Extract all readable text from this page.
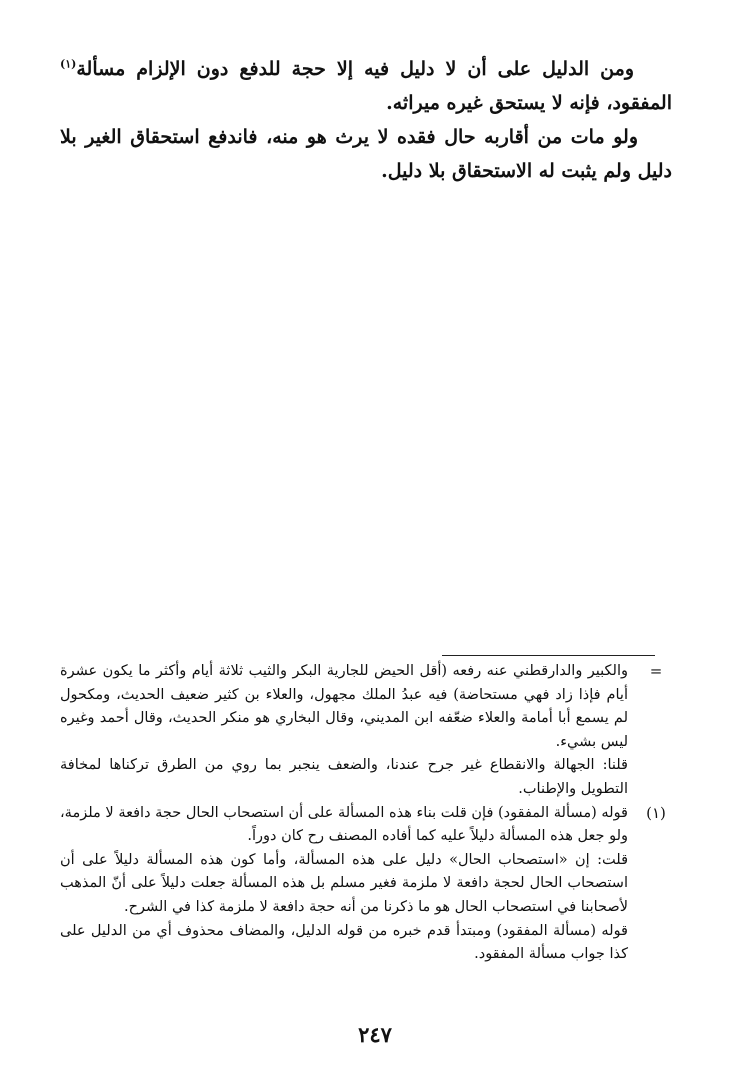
ومن الدليل على أن لا دليل فيه إلا حجة للدفع دون الإلزام مسألة$^{(١)}$ المفقود، فإنه لا يستحق غيره ميراثه.

ولو مات من أقاربه حال فقده لا يرث هو منه، فاندفع استحقاق الغير بلا دليل ولم يثبت له الاستحقاق بلا دليل.

=

والكبير والدارقطني عنه رفعه (أقل الحيض للجارية البكر والثيب ثلاثة أيام وأكثر ما يكون عشرة أيام فإذا زاد فهي مستحاضة) فيه عبدُ الملك مجهول، والعلاء بن كثير ضعيف الحديث، ومكحول لم يسمع أبا أمامة والعلاء ضعّفه ابن المديني، وقال البخاري هو منكر الحديث، وقال أحمد وغيره ليس بشيء.

قلنا: الجهالة والانقطاع غير جرح عندنا، والضعف ينجبر بما روي من الطرق تركناها لمخافة التطويل والإطناب.

(١)

قوله (مسألة المفقود) فإن قلت بناء هذه المسألة على أن استصحاب الحال حجة دافعة لا ملزمة، ولو جعل هذه المسألة دليلاً عليه كما أفاده المصنف رح كان دوراً.

قلت: إن «استصحاب الحال» دليل على هذه المسألة، وأما كون هذه المسألة دليلاً على أن استصحاب الحال لحجة دافعة لا ملزمة فغير مسلم بل هذه المسألة جعلت دليلاً على أنّ المذهب لأصحابنا في استصحاب الحال هو ما ذكرنا من أنه حجة دافعة لا ملزمة كذا في الشرح.

قوله (مسألة المفقود) ومبتدأ قدم خبره من قوله الدليل، والمضاف محذوف أي من الدليل على كذا جواب مسألة المفقود.

٢٤٧
